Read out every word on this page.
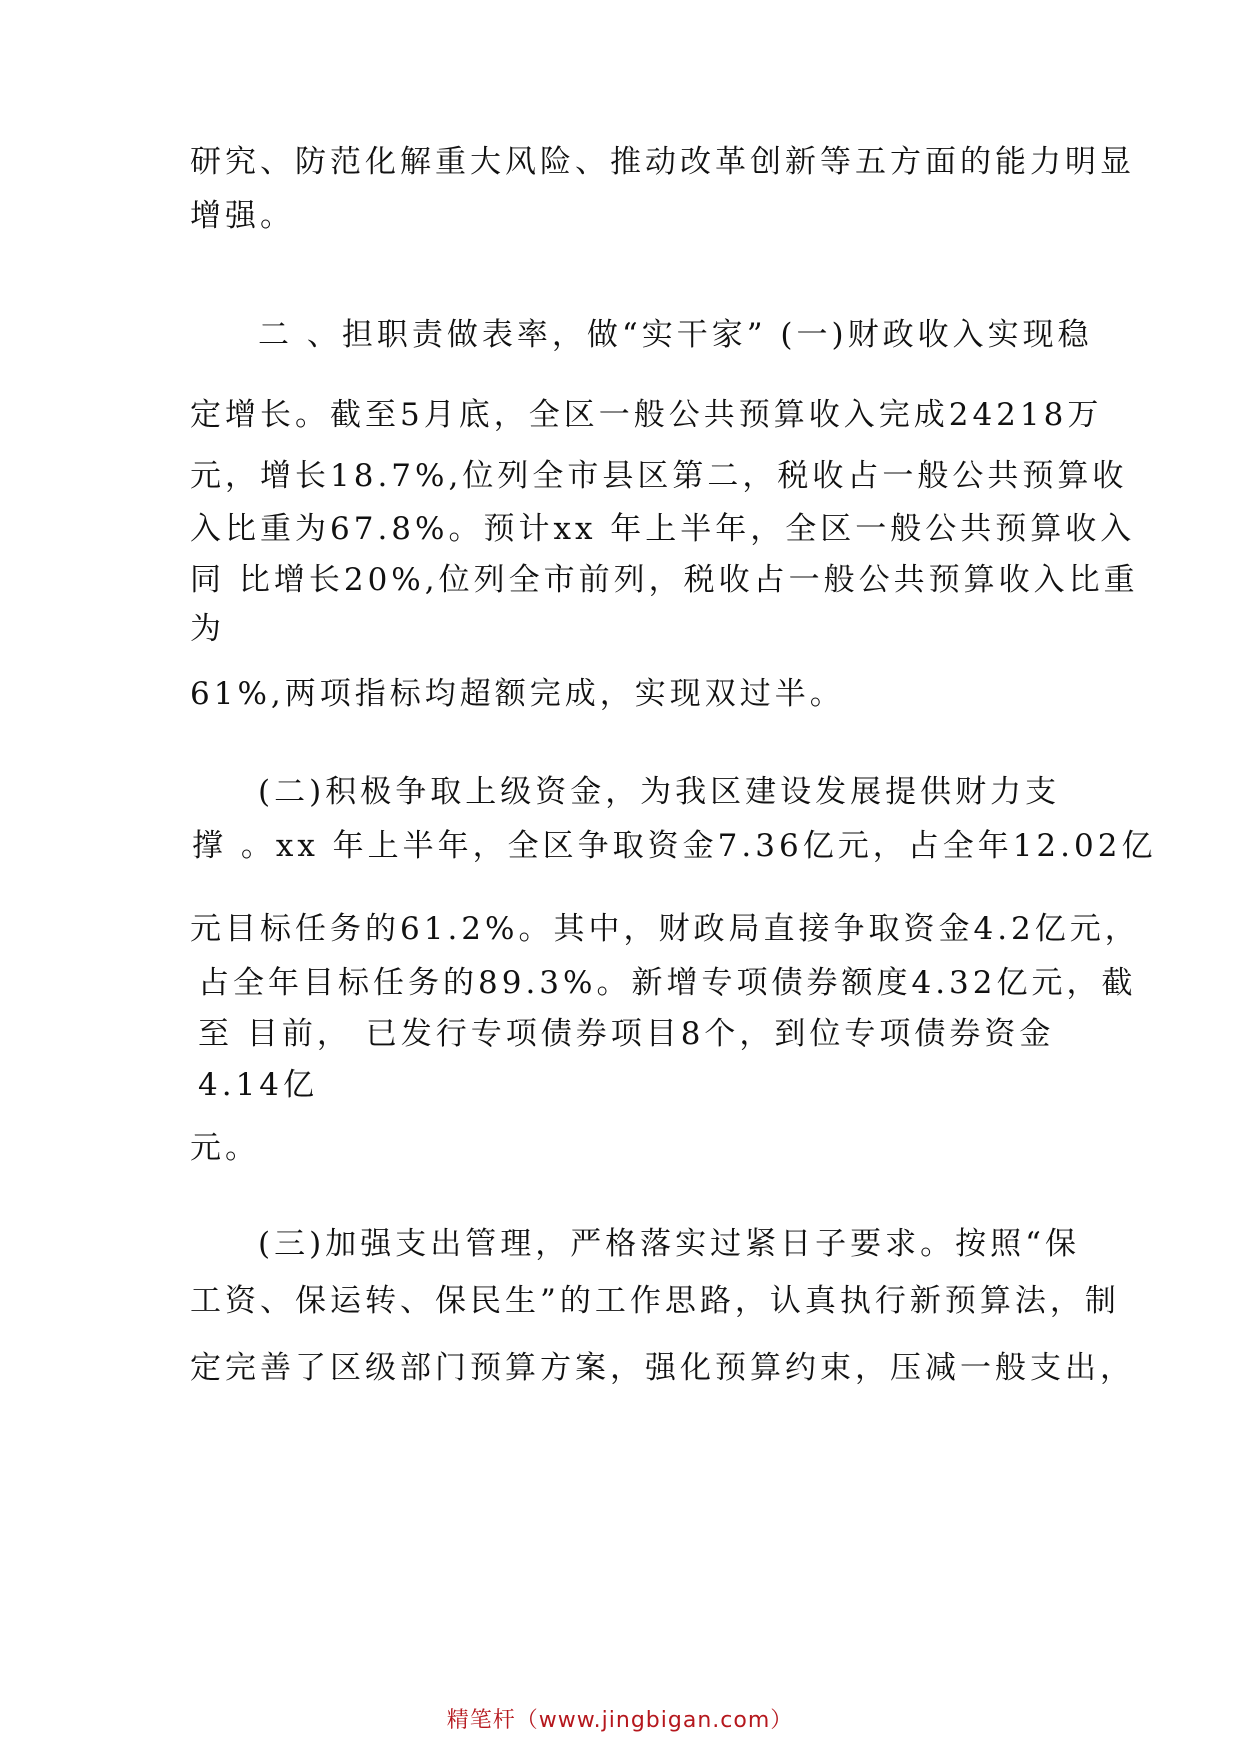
研究、防范化解重大风险、推动改革创新等五方面的能力明显
增强。
二 、担职责做表率，做“实干家” (一)财政收入实现稳
定增长。截至5月底，全区一般公共预算收入完成24218万
元，增长18.7%,位列全市县区第二，税收占一般公共预算收
入比重为67.8%。预计xx 年上半年，全区一般公共预算收入
同 比增长20%,位列全市前列，税收占一般公共预算收入比重
为
61%,两项指标均超额完成，实现双过半。
(二)积极争取上级资金，为我区建设发展提供财力支
撑 。xx 年上半年，全区争取资金7.36亿元，占全年12.02亿
元目标任务的61.2%。其中，财政局直接争取资金4.2亿元，
占全年目标任务的89.3%。新增专项债券额度4.32亿元，截
至 目前， 已发行专项债券项目8个，到位专项债券资金
4.14亿
元。
(三)加强支出管理，严格落实过紧日子要求。按照“保
工资、保运转、保民生”的工作思路，认真执行新预算法，制
定完善了区级部门预算方案，强化预算约束，压减一般支出，
精笔杆（www.jingbigan.com）
